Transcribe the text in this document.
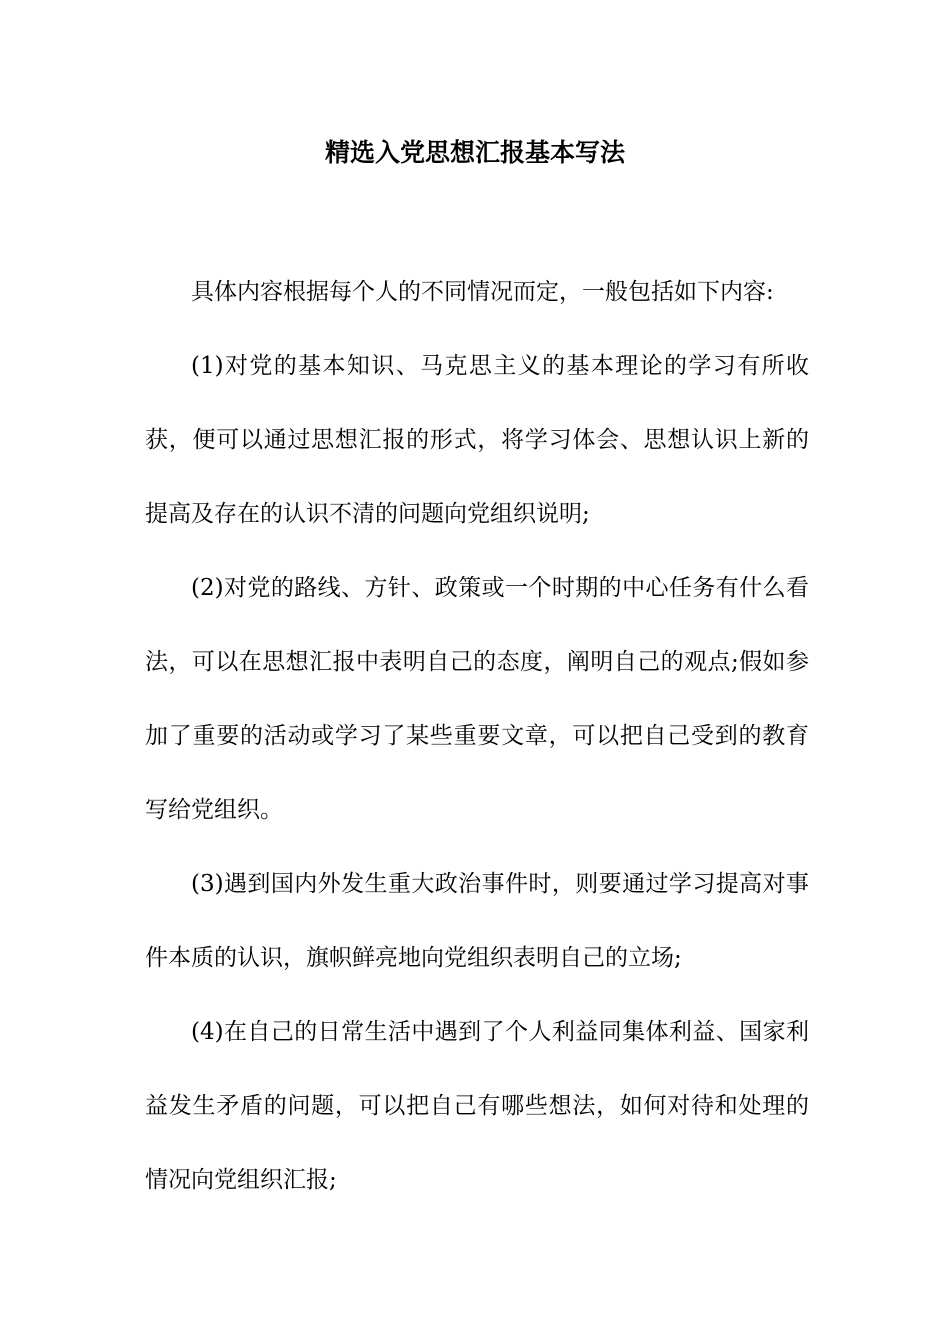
精选入党思想汇报基本写法

具体内容根据每个人的不同情况而定，一般包括如下内容:

(1)对党的基本知识、马克思主义的基本理论的学习有所收获，便可以通过思想汇报的形式，将学习体会、思想认识上新的提高及存在的认识不清的问题向党组织说明;

(2)对党的路线、方针、政策或一个时期的中心任务有什么看法，可以在思想汇报中表明自己的态度，阐明自己的观点;假如参加了重要的活动或学习了某些重要文章，可以把自己受到的教育写给党组织。

(3)遇到国内外发生重大政治事件时，则要通过学习提高对事件本质的认识，旗帜鲜亮地向党组织表明自己的立场;

(4)在自己的日常生活中遇到了个人利益同集体利益、国家利益发生矛盾的问题，可以把自己有哪些想法，如何对待和处理的情况向党组织汇报;
